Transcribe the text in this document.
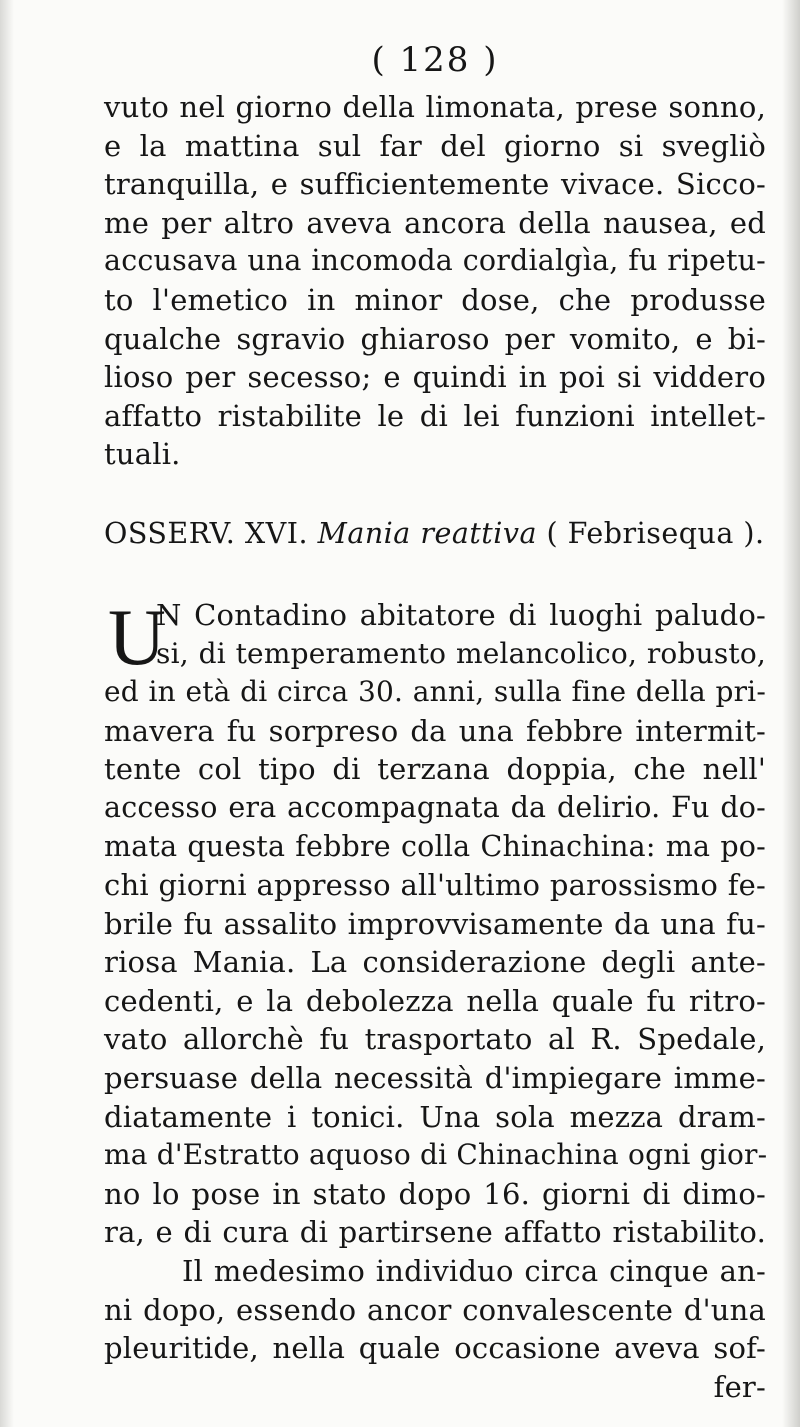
( 128 )
vuto nel giorno della limonata, prese sonno,
e la mattina sul far del giorno si svegliò
tranquilla, e sufficientemente vivace. Sicco-
me per altro aveva ancora della nausea, ed
accusava una incomoda cordialgìa, fu ripetu-
to l'emetico in minor dose, che produsse
qualche sgravio ghiaroso per vomito, e bi-
lioso per secesso; e quindi in poi si viddero
affatto ristabilite le di lei funzioni intellet-
tuali.
OSSERV. XVI. Mania reattiva ( Febrisequa ).
U
N Contadino abitatore di luoghi paludo-
si, di temperamento melancolico, robusto,
ed in età di circa 30. anni, sulla fine della pri-
mavera fu sorpreso da una febbre intermit-
tente col tipo di terzana doppia, che nell'
accesso era accompagnata da delirio. Fu do-
mata questa febbre colla Chinachina: ma po-
chi giorni appresso all'ultimo parossismo fe-
brile fu assalito improvvisamente da una fu-
riosa Mania. La considerazione degli ante-
cedenti, e la debolezza nella quale fu ritro-
vato allorchè fu trasportato al R. Spedale,
persuase della necessità d'impiegare imme-
diatamente i tonici. Una sola mezza dram-
ma d'Estratto aquoso di Chinachina ogni gior-
no lo pose in stato dopo 16. giorni di dimo-
ra, e di cura di partirsene affatto ristabilito.
Il medesimo individuo circa cinque an-
ni dopo, essendo ancor convalescente d'una
pleuritide, nella quale occasione aveva sof-
fer-
